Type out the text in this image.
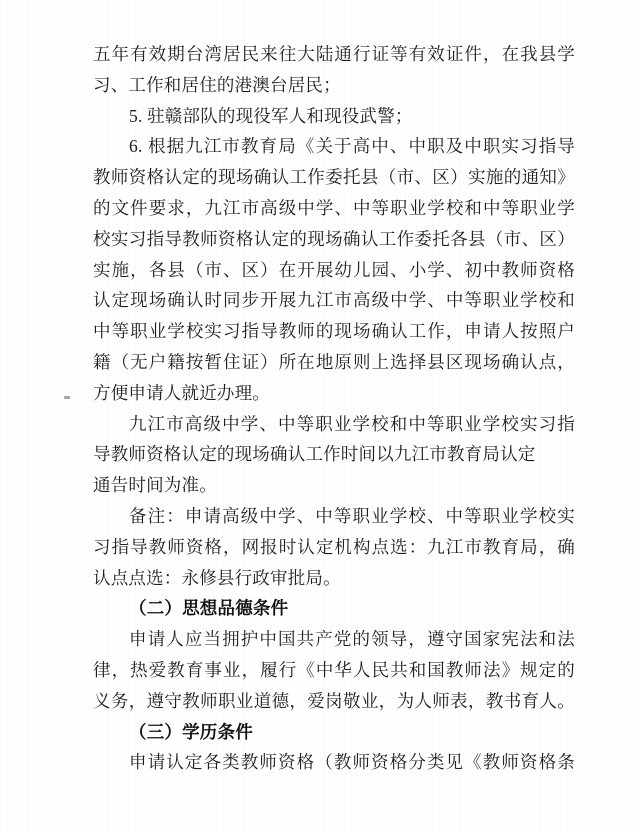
五年有效期台湾居民来往大陆通行证等有效证件，在我县学
习、工作和居住的港澳台居民；
5. 驻赣部队的现役军人和现役武警；
6. 根据九江市教育局《关于高中、中职及中职实习指导
教师资格认定的现场确认工作委托县（市、区）实施的通知》
的文件要求，九江市高级中学、中等职业学校和中等职业学
校实习指导教师资格认定的现场确认工作委托各县（市、区）
实施，各县（市、区）在开展幼儿园、小学、初中教师资格
认定现场确认时同步开展九江市高级中学、中等职业学校和
中等职业学校实习指导教师的现场确认工作，申请人按照户
籍（无户籍按暂住证）所在地原则上选择县区现场确认点，
方便申请人就近办理。
九江市高级中学、中等职业学校和中等职业学校实习指
导教师资格认定的现场确认工作时间以九江市教育局认定
通告时间为准。
备注：申请高级中学、中等职业学校、中等职业学校实
习指导教师资格，网报时认定机构点选：九江市教育局，确
认点点选：永修县行政审批局。
（二）思想品德条件
申请人应当拥护中国共产党的领导，遵守国家宪法和法
律，热爱教育事业，履行《中华人民共和国教师法》规定的
义务，遵守教师职业道德，爱岗敬业，为人师表，教书育人。
（三）学历条件
申请认定各类教师资格（教师资格分类见《教师资格条
